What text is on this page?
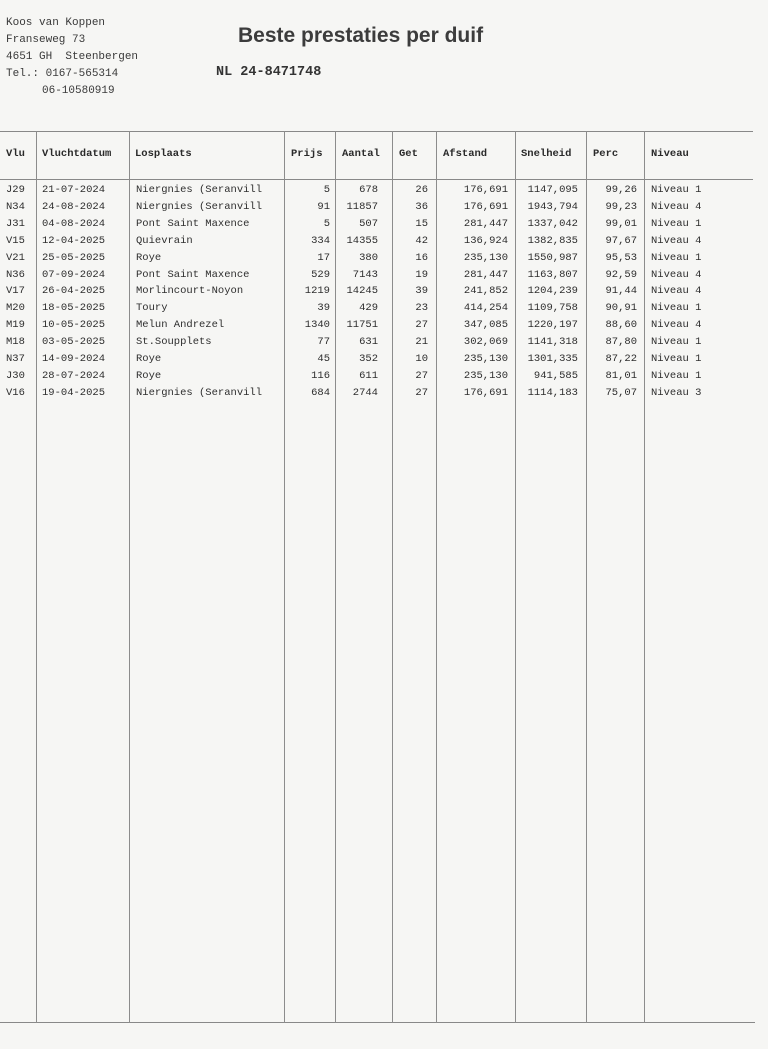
Koos van Koppen
Franseweg 73
4651 GH  Steenbergen
Tel.: 0167-565314
06-10580919
Beste prestaties per duif
NL 24-8471748
Vlu Vluchtdatum Losplaats	Prijs Aantal Get Afstand	Snelheid Perc	Niveau
J29 21-07-2024	Niergnies (Seranvill	5	678	26	176,691 1147,095	99,26 Niveau 1
N34 24-08-2024	Niergnies (Seranvill	91 11857	36	176,691 1943,794	99,23 Niveau 4
J31 04-08-2024	Pont Saint Maxence	5	507	15	281,447 1337,042	99,01 Niveau 1
V15 12-04-2025	Quievrain	334 14355	42	136,924 1382,835	97,67 Niveau 4
V21 25-05-2025	Roye	17	380	16	235,130 1550,987	95,53 Niveau 1
N36 07-09-2024	Pont Saint Maxence	529 7143	19	281,447 1163,807	92,59 Niveau 4
V17 26-04-2025	Morlincourt-Noyon	1219 14245	39	241,852 1204,239	91,44 Niveau 4
M20 18-05-2025	Toury	39	429	23	414,254 1109,758	90,91 Niveau 1
M19 10-05-2025	Melun Andrezel	1340 11751	27	347,085 1220,197	88,60 Niveau 4
M18 03-05-2025	St.Soupplets	77	631	21	302,069 1141,318	87,80 Niveau 1
N37 14-09-2024	Roye	45	352	10	235,130 1301,335	87,22 Niveau 1
J30 28-07-2024	Roye	116	611	27	235,130 941,585	81,01 Niveau 1
V16 19-04-2025	Niergnies (Seranvill	684 2744	27	176,691 1114,183	75,07 Niveau 3
